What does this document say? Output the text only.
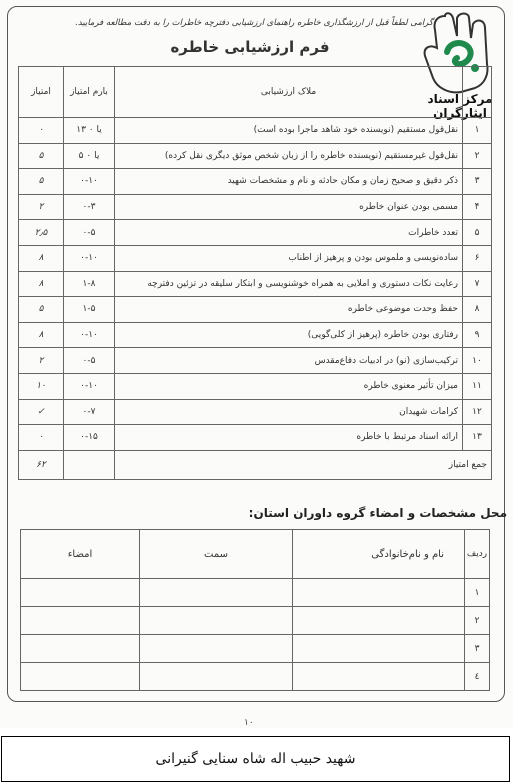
گرامی لطفاً قبل از ارزشگذاری خاطره راهنمای ارزشیابی دفترچه خاطرات را به دقت مطالعه فرمایید.
مرکز اسناد ایثارگران
فرم ارزشیابی خاطره
	ملاک ارزشیابی	بارم امتیاز	امتیاز
۱	نقل‌قول مستقیم (نویسنده خود شاهد ماجرا بوده است)	۱۳ یا ۰	۰
۲	نقل‌قول غیرمستقیم (نویسنده خاطره را از زبان شخص موثق دیگری نقل کرده)	۵ یا ۰	۵
۳	ذکر دقیق و صحیح زمان و مکان حادثه و نام و مشخصات شهید	۰-۱۰	۵
۴	مسمی بودن عنوان خاطره	۰-۳	۲
۵	تعدد خاطرات	۰-۵	۲٫۵
۶	ساده‌نویسی و ملموس بودن و پرهیز از اطناب	۰-۱۰	۸
۷	رعایت نکات دستوری و املایی به همراه خوشنویسی و ابتکار سلیقه در تزئین دفترچه	۱-۸	۸
۸	حفظ وحدت موضوعی خاطره	۱-۵	۵
۹	رفتاری بودن خاطره (پرهیز از کلی‌گویی)	۰-۱۰	۸
۱۰	ترکیب‌سازی (نو) در ادبیات دفاع‌مقدس	۰-۵	۲
۱۱	میزان تأثیر معنوی خاطره	۰-۱۰	۱۰
۱۲	کرامات شهیدان	۰-۷	✓
۱۳	ارائه اسناد مرتبط با خاطره	۰-۱۵	۰
جمع امتیاز			۶۲
محل مشخصات و امضاء گروه داوران استان:
ردیف	نام و نام‌خانوادگی	سمت	امضاء
۱			
۲			
۳			
٤			
۱۰
شهید حبیب اله شاه سنایی گنیرانی
